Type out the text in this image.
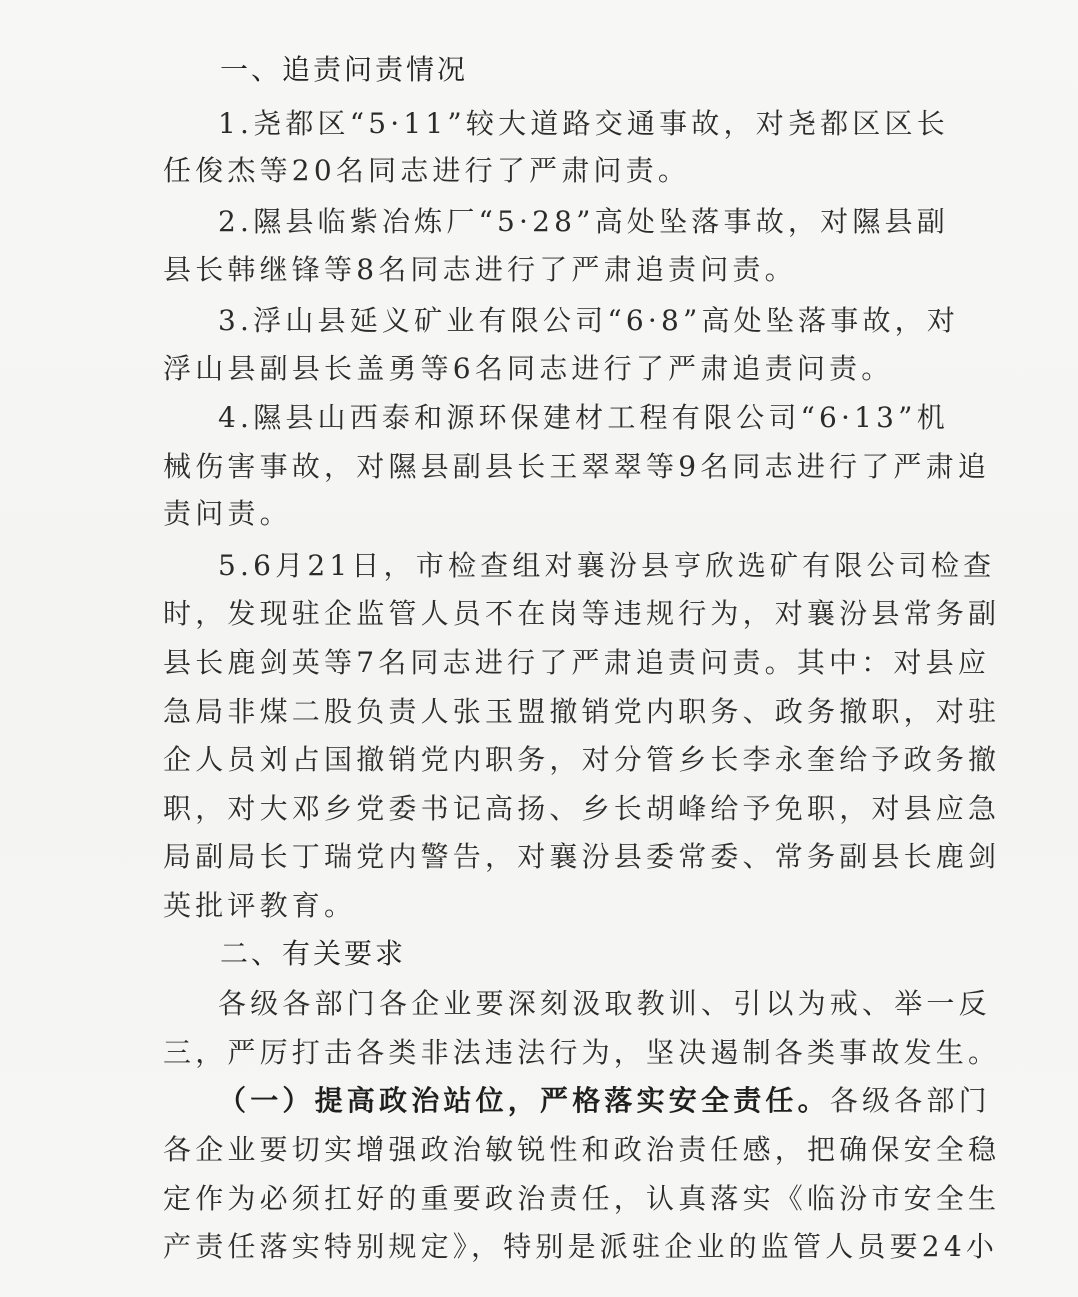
一、追责问责情况
1.尧都区“5·11”较大道路交通事故，对尧都区区长
任俊杰等20名同志进行了严肃问责。
2.隰县临紫冶炼厂“5·28”高处坠落事故，对隰县副
县长韩继锋等8名同志进行了严肃追责问责。
3.浮山县延义矿业有限公司“6·8”高处坠落事故，对
浮山县副县长盖勇等6名同志进行了严肃追责问责。
4.隰县山西泰和源环保建材工程有限公司“6·13”机
械伤害事故，对隰县副县长王翠翠等9名同志进行了严肃追
责问责。
5.6月21日，市检查组对襄汾县亨欣选矿有限公司检查
时，发现驻企监管人员不在岗等违规行为，对襄汾县常务副
县长鹿剑英等7名同志进行了严肃追责问责。其中：对县应
急局非煤二股负责人张玉盟撤销党内职务、政务撤职，对驻
企人员刘占国撤销党内职务，对分管乡长李永奎给予政务撤
职，对大邓乡党委书记高扬、乡长胡峰给予免职，对县应急
局副局长丁瑞党内警告，对襄汾县委常委、常务副县长鹿剑
英批评教育。
二、有关要求
各级各部门各企业要深刻汲取教训、引以为戒、举一反
三，严厉打击各类非法违法行为，坚决遏制各类事故发生。
（一）提高政治站位，严格落实安全责任。各级各部门
各企业要切实增强政治敏锐性和政治责任感，把确保安全稳
定作为必须扛好的重要政治责任，认真落实《临汾市安全生
产责任落实特别规定》，特别是派驻企业的监管人员要24小
